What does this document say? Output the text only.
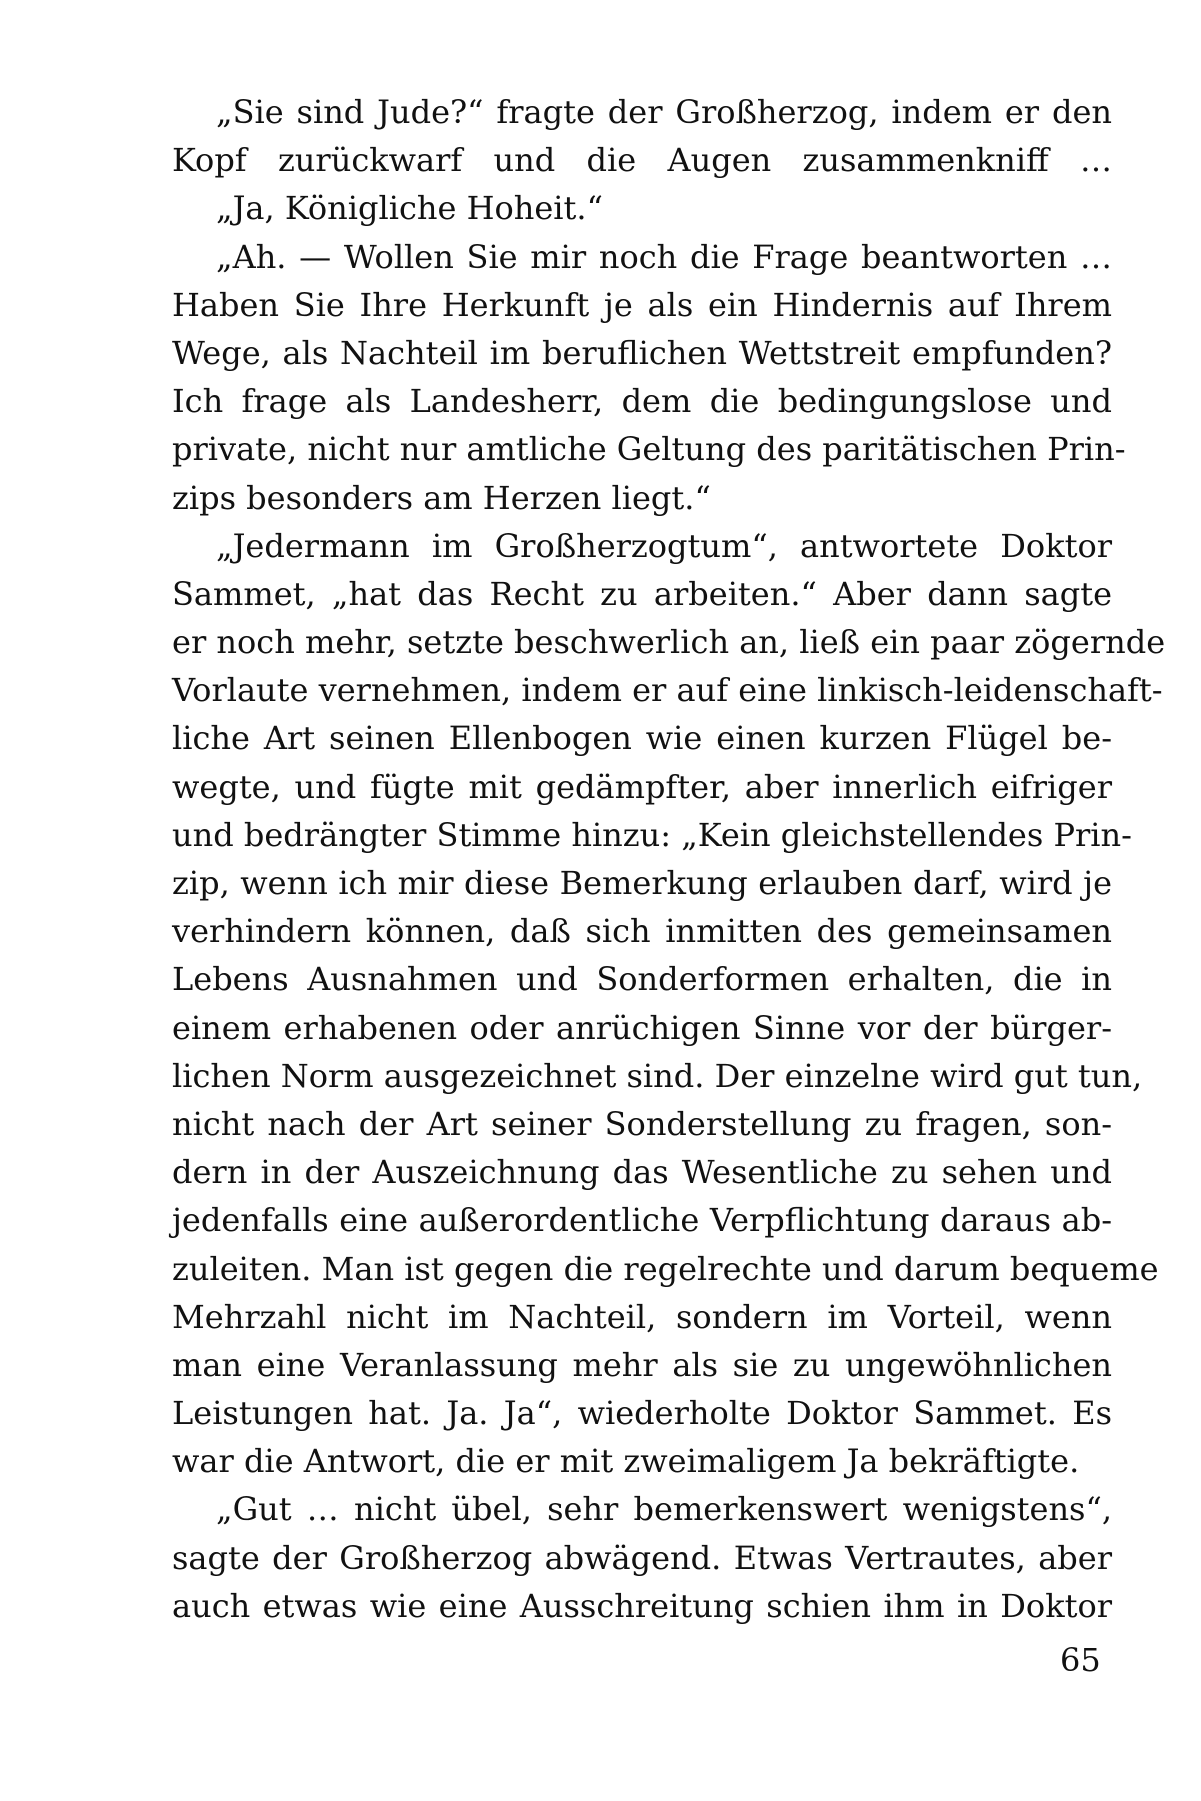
„Sie sind Jude?“ fragte der Großherzog, indem er den
Kopf zurückwarf und die Augen zusammenkniff …
„Ja, Königliche Hoheit.“
„Ah. — Wollen Sie mir noch die Frage beantworten …
Haben Sie Ihre Herkunft je als ein Hindernis auf Ihrem
Wege, als Nachteil im beruflichen Wettstreit empfunden?
Ich frage als Landesherr, dem die bedingungslose und
private, nicht nur amtliche Geltung des paritätischen Prin-
zips besonders am Herzen liegt.“
„Jedermann im Großherzogtum“, antwortete Doktor
Sammet, „hat das Recht zu arbeiten.“ Aber dann sagte
er noch mehr, setzte beschwerlich an, ließ ein paar zögernde
Vorlaute vernehmen, indem er auf eine linkisch-leidenschaft-
liche Art seinen Ellenbogen wie einen kurzen Flügel be-
wegte, und fügte mit gedämpfter, aber innerlich eifriger
und bedrängter Stimme hinzu: „Kein gleichstellendes Prin-
zip, wenn ich mir diese Bemerkung erlauben darf, wird je
verhindern können, daß sich inmitten des gemeinsamen
Lebens Ausnahmen und Sonderformen erhalten, die in
einem erhabenen oder anrüchigen Sinne vor der bürger-
lichen Norm ausgezeichnet sind. Der einzelne wird gut tun,
nicht nach der Art seiner Sonderstellung zu fragen, son-
dern in der Auszeichnung das Wesentliche zu sehen und
jedenfalls eine außerordentliche Verpflichtung daraus ab-
zuleiten. Man ist gegen die regelrechte und darum bequeme
Mehrzahl nicht im Nachteil, sondern im Vorteil, wenn
man eine Veranlassung mehr als sie zu ungewöhnlichen
Leistungen hat. Ja. Ja“, wiederholte Doktor Sammet. Es
war die Antwort, die er mit zweimaligem Ja bekräftigte.
„Gut … nicht übel, sehr bemerkenswert wenigstens“,
sagte der Großherzog abwägend. Etwas Vertrautes, aber
auch etwas wie eine Ausschreitung schien ihm in Doktor
65
